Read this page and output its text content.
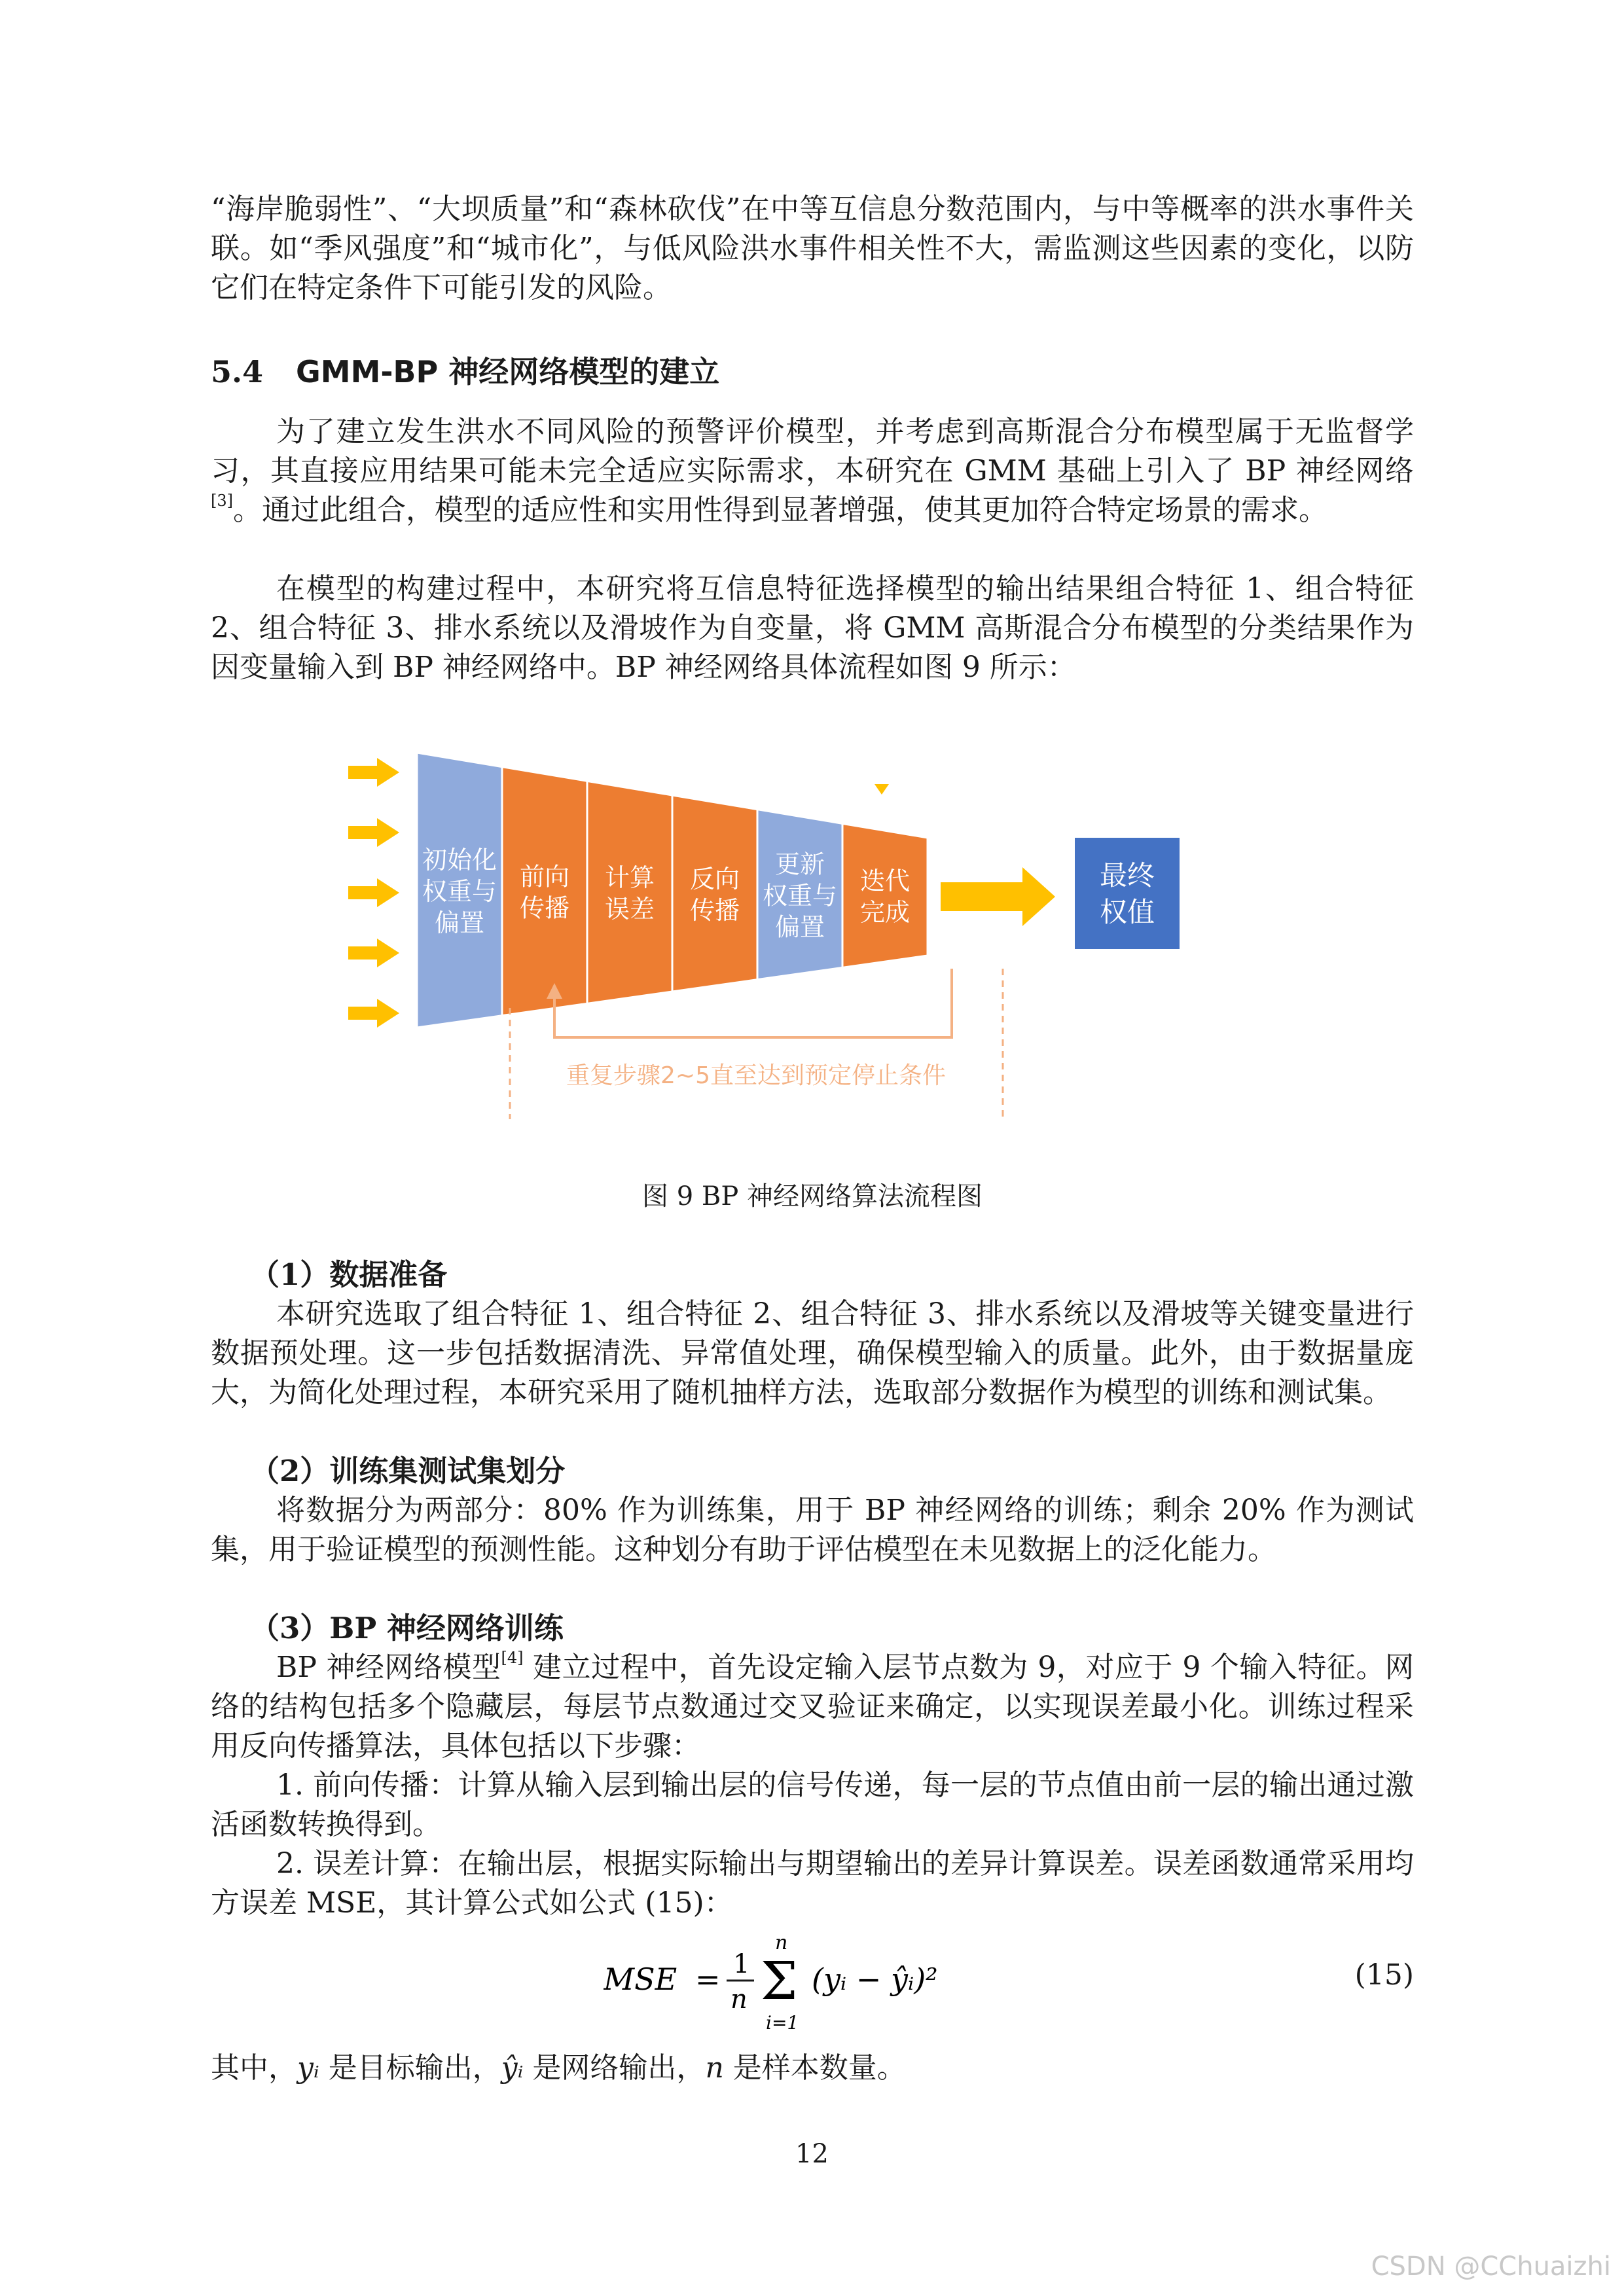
“海岸脆弱性”、“大坝质量”和“森林砍伐”在中等互信息分数范围内，与中等概率的洪水事件关联。如“季风强度”和“城市化”，与低风险洪水事件相关性不大，需监测这些因素的变化，以防它们在特定条件下可能引发的风险。
5.4 GMM-BP 神经网络模型的建立
为了建立发生洪水不同风险的预警评价模型，并考虑到高斯混合分布模型属于无监督学习，其直接应用结果可能未完全适应实际需求，本研究在 GMM 基础上引入了 BP 神经网络[3]。通过此组合，模型的适应性和实用性得到显著增强，使其更加符合特定场景的需求。
在模型的构建过程中，本研究将互信息特征选择模型的输出结果组合特征 1、组合特征 2、组合特征 3、排水系统以及滑坡作为自变量，将 GMM 高斯混合分布模型的分类结果作为因变量输入到 BP 神经网络中。BP 神经网络具体流程如图 9 所示：
初始化
权重与
偏置
前向
传播
计算
误差
反向
传播
更新
权重与
偏置
迭代
完成
重复步骤2~5直至达到预定停止条件
最终
权值
图 9 BP 神经网络算法流程图
（1）数据准备
本研究选取了组合特征 1、组合特征 2、组合特征 3、排水系统以及滑坡等关键变量进行数据预处理。这一步包括数据清洗、异常值处理，确保模型输入的质量。此外，由于数据量庞大，为简化处理过程，本研究采用了随机抽样方法，选取部分数据作为模型的训练和测试集。
（2）训练集测试集划分
将数据分为两部分：80% 作为训练集，用于 BP 神经网络的训练；剩余 20% 作为测试集，用于验证模型的预测性能。这种划分有助于评估模型在未见数据上的泛化能力。
（3）BP 神经网络训练
BP 神经网络模型[4] 建立过程中，首先设定输入层节点数为 9，对应于 9 个输入特征。网络的结构包括多个隐藏层，每层节点数通过交叉验证来确定，以实现误差最小化。训练过程采用反向传播算法，具体包括以下步骤：
1. 前向传播：计算从输入层到输出层的信号传递，每一层的节点值由前一层的输出通过激活函数转换得到。
2. 误差计算：在输出层，根据实际输出与期望输出的差异计算误差。误差函数通常采用均方误差 MSE，其计算公式如公式 (15)：
MSE = 1
n
n
Σ
i=1
(yᵢ − ŷᵢ)²	(15)
其中，yᵢ 是目标输出，ŷᵢ 是网络输出，n 是样本数量。
12
CSDN @CChuaizhi
